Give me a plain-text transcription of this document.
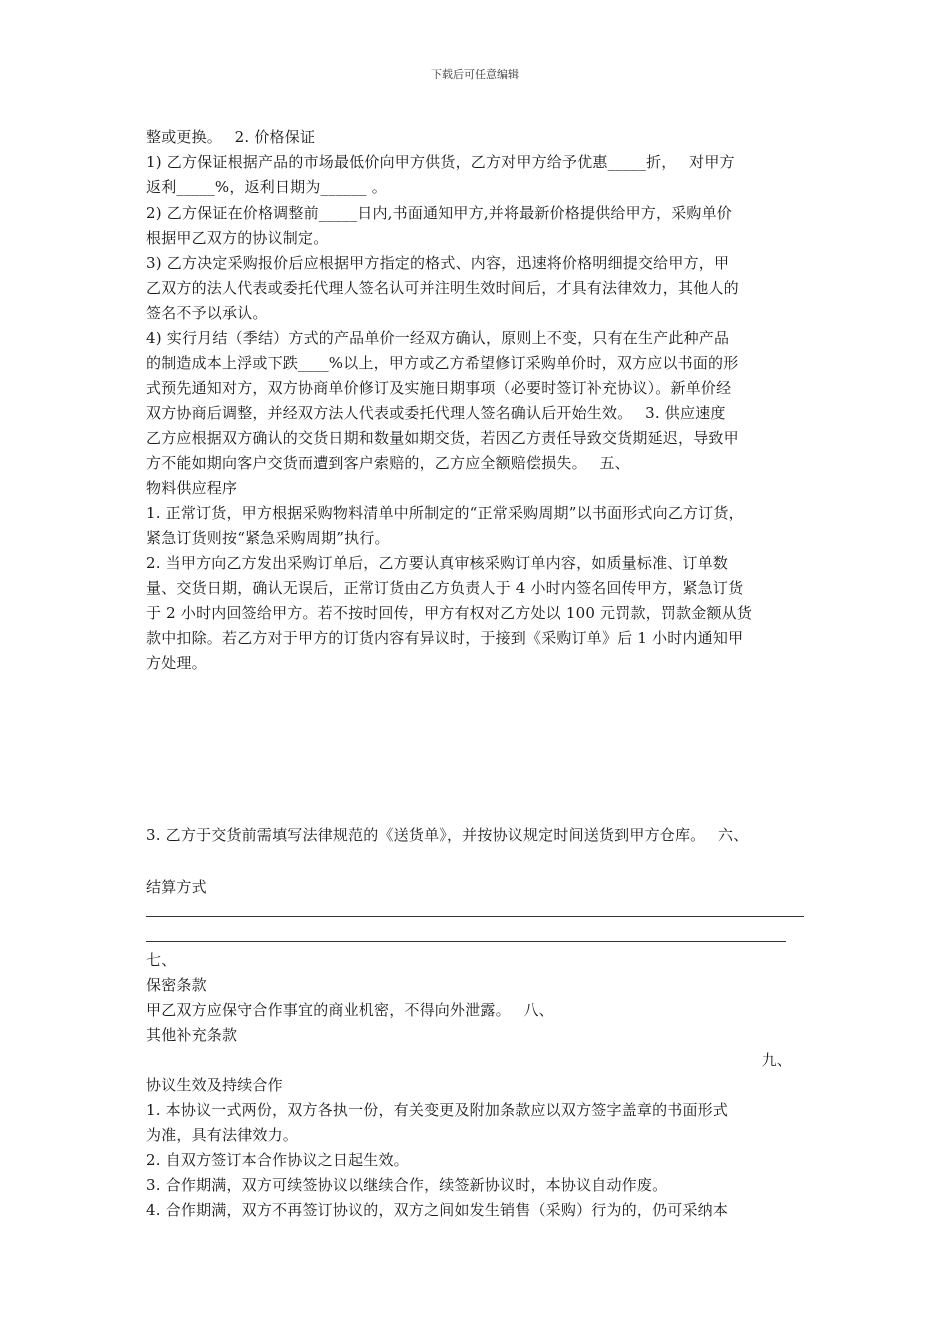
下载后可任意编辑
整或更换。　 2. 价格保证
1) 乙方保证根据产品的市场最低价向甲方供货，乙方对甲方给予优惠_____折，　 对甲方
返利_____%，返利日期为______ 。
2) 乙方保证在价格调整前_____日内,书面通知甲方,并将最新价格提供给甲方，采购单价
根据甲乙双方的协议制定。
3) 乙方决定采购报价后应根据甲方指定的格式、内容，迅速将价格明细提交给甲方，甲
乙双方的法人代表或委托代理人签名认可并注明生效时间后，才具有法律效力，其他人的
签名不予以承认。
4) 实行月结（季结）方式的产品单价一经双方确认，原则上不变，只有在生产此种产品
的制造成本上浮或下跌____%以上，甲方或乙方希望修订采购单价时，双方应以书面的形
式预先通知对方，双方协商单价修订及实施日期事项（必要时签订补充协议）。新单价经
双方协商后调整，并经双方法人代表或委托代理人签名确认后开始生效。　 3. 供应速度
乙方应根据双方确认的交货日期和数量如期交货，若因乙方责任导致交货期延迟，导致甲
方不能如期向客户交货而遭到客户索赔的，乙方应全额赔偿损失。　 五、
物料供应程序
1. 正常订货，甲方根据采购物料清单中所制定的“正常采购周期”以书面形式向乙方订货，
紧急订货则按“紧急采购周期”执行。
2. 当甲方向乙方发出采购订单后，乙方要认真审核采购订单内容，如质量标准、订单数
量、交货日期，确认无误后，正常订货由乙方负责人于 4 小时内签名回传甲方，紧急订货
于 2 小时内回签给甲方。若不按时回传，甲方有权对乙方处以 100 元罚款，罚款金额从货
款中扣除。若乙方对于甲方的订货内容有异议时，于接到《采购订单》后 1 小时内通知甲
方处理。
3. 乙方于交货前需填写法律规范的《送货单》，并按协议规定时间送货到甲方仓库。　 六、
结算方式
七、
保密条款
甲乙双方应保守合作事宜的商业机密，不得向外泄露。　 八、
其他补充条款
九、
协议生效及持续合作
1. 本协议一式两份，双方各执一份，有关变更及附加条款应以双方签字盖章的书面形式
为准，具有法律效力。
2. 自双方签订本合作协议之日起生效。
3. 合作期满，双方可续签协议以继续合作，续签新协议时，本协议自动作废。
4. 合作期满，双方不再签订协议的，双方之间如发生销售（采购）行为的，仍可采纳本
